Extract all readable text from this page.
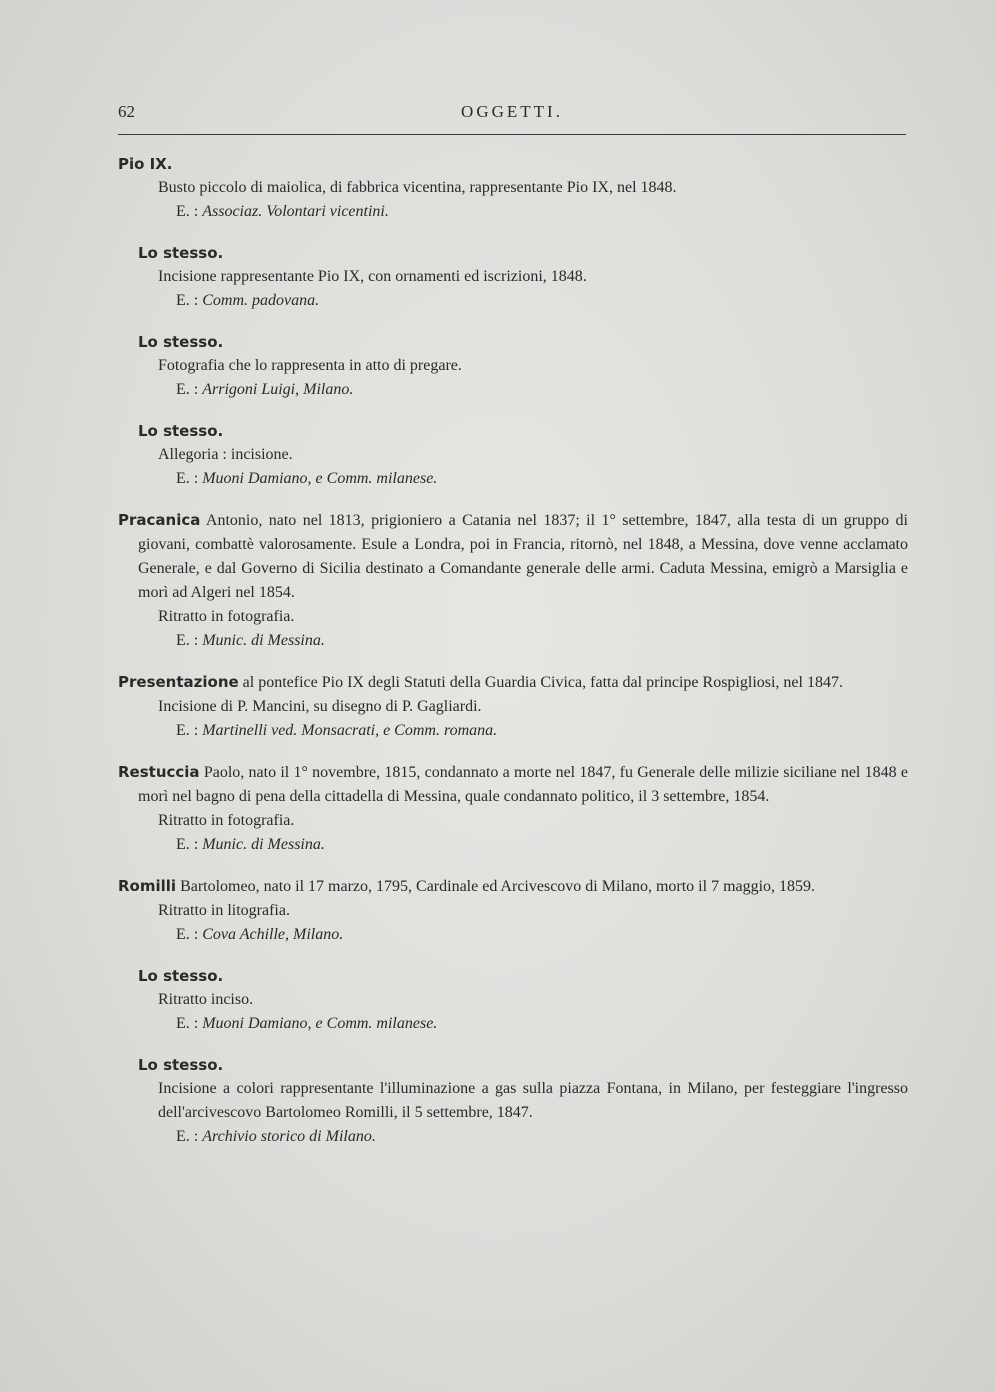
62	OGGETTI.
Pio IX.
Busto piccolo di maiolica, di fabbrica vicentina, rappresentante Pio IX, nel 1848.
E. : Associaz. Volontari vicentini.
Lo stesso.
Incisione rappresentante Pio IX, con ornamenti ed iscrizioni, 1848.
E. : Comm. padovana.
Lo stesso.
Fotografia che lo rappresenta in atto di pregare.
E. : Arrigoni Luigi, Milano.
Lo stesso.
Allegoria : incisione.
E. : Muoni Damiano, e Comm. milanese.
Pracanica Antonio, nato nel 1813, prigioniero a Catania nel 1837; il 1° settembre, 1847, alla testa di un gruppo di giovani, combattè valorosamente. Esule a Londra, poi in Francia, ritornò, nel 1848, a Messina, dove venne acclamato Generale, e dal Governo di Sicilia destinato a Comandante generale delle armi. Caduta Messina, emigrò a Marsiglia e morì ad Algeri nel 1854.
Ritratto in fotografia.
E. : Munic. di Messina.
Presentazione al pontefice Pio IX degli Statuti della Guardia Civica, fatta dal principe Rospigliosi, nel 1847.
Incisione di P. Mancini, su disegno di P. Gagliardi.
E. : Martinelli ved. Monsacrati, e Comm. romana.
Restuccia Paolo, nato il 1° novembre, 1815, condannato a morte nel 1847, fu Generale delle milizie siciliane nel 1848 e morì nel bagno di pena della cittadella di Messina, quale condannato politico, il 3 settembre, 1854.
Ritratto in fotografia.
E. : Munic. di Messina.
Romilli Bartolomeo, nato il 17 marzo, 1795, Cardinale ed Arcivescovo di Milano, morto il 7 maggio, 1859.
Ritratto in litografia.
E. : Cova Achille, Milano.
Lo stesso.
Ritratto inciso.
E. : Muoni Damiano, e Comm. milanese.
Lo stesso.
Incisione a colori rappresentante l'illuminazione a gas sulla piazza Fontana, in Milano, per festeggiare l'ingresso dell'arcivescovo Bartolomeo Romilli, il 5 settembre, 1847.
E. : Archivio storico di Milano.
